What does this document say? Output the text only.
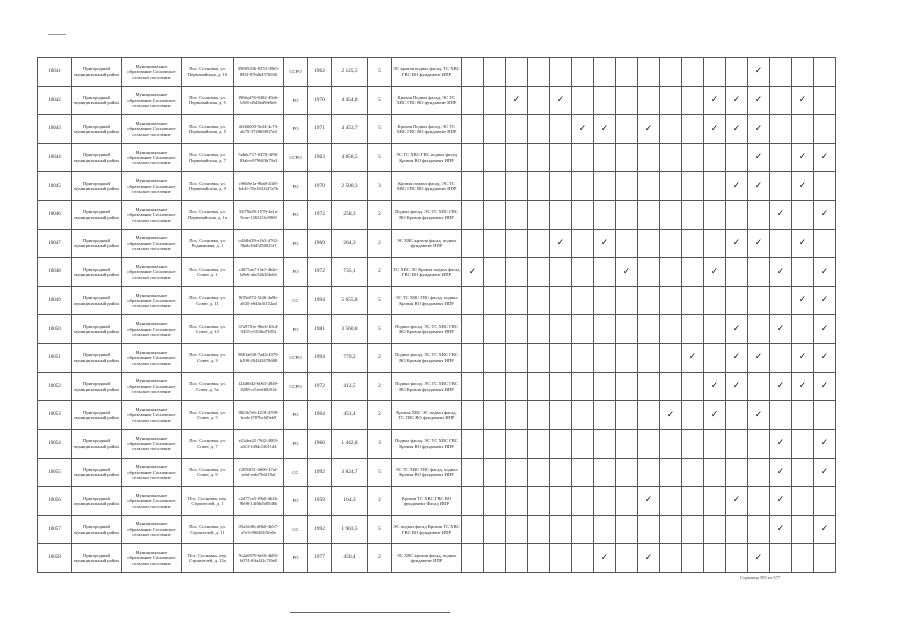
10041	Пригородный муниципальный район	Муниципальное образование Сосновское сельское поселение	Пос. Сосновка, ул. Первомайская, д. 10	39695436-8353-4965-89f3-876d64576836	ССРО	1962	2 125,5	5	ЭС кровля подвал фасад, ТС ХВС ГВС ВО фундамент ИПР														✓			
10042	Пригородный муниципальный район	Муниципальное образование Сосновское сельское поселение	Пос. Сосновка, ул. Первомайская, д. 5	f96ba476-8402-49a6-b5f6-d5d3bd9fe6e6	РО	1970	4 454,8	5	Кровля Подвал фасад, ЭС ТС ХВС ГВС ВО фундамент ИПР			✓		✓							✓	✓	✓		✓	
10043	Пригородный муниципальный район	Муниципальное образование Сосновское сельское поселение	Пос. Сосновка, ул. Первомайская, д. 5	4f2b6003-5e24-4c73-ab79-3738b9f9f7d4	РО	1971	4 453,7	5	Кровля Подвал фасад, ЭС ТС ХВС ГВС ВО фундамент ИПР						✓	✓		✓			✓	✓	✓			
10044	Пригородный муниципальный район	Муниципальное образование Сосновское сельское поселение	Пос. Сосновка, ул. Первомайская, д. 7	5ab6c717-0478-4f96-83ab-e979683b79a3	ССРО	1963	4 858,5	5	ЭС ТС ХВС ГВС подвал фасад Кровля ВО фундамент ИПР														✓		✓	✓
10045	Пригородный муниципальный район	Муниципальное образование Сосновское сельское поселение	Пос. Сосновка, ул. Первомайская, д. 9	c96b9e1a-96a8-43f8-b4d1-55e1b52f47a7b	РО	1970	2 500,3	3	Кровля подвал фасад, ЭС ТС ХВС ГВС ВО фундамент ИПР													✓	✓		✓	
10046	Пригородный муниципальный район	Муниципальное образование Сосновское сельское поселение	Пос. Сосновка, ул. Первомайская, д. 1а	33f79a49-1578-4a1a-9cae-1365f13c9969	РО	1972	258,3	2	Подвал фасад, ЭС ТС ХВС ГВС ВО Кровля фундамент ИПР															✓		✓
10047	Пригородный муниципальный район	Муниципальное образование Сосновское сельское поселение	Пос. Сосновка, ул. Родниковая, д. 1	cd2dbf39-a1b3-4762-9bdb-bfd5f58025f1	РО	1969	264,3	2	ЭС ХВС кровля фасад, подвал фундамент ИПР					✓		✓						✓	✓		✓	
10048	Пригородный муниципальный район	Муниципальное образование Сосновское сельское поселение	Пос. Сосновка, ул. Совет, д. 1	c4871ae7-f3e1-4b4e-b8e6-abc54b3f4e64	РО	1972	735,1	2	ТС ХВС ЭС Кровля подвал фасад ГВС ВО фундамент ИПР	✓							✓				✓			✓		✓
10049	Пригородный муниципальный район	Муниципальное образование Сосновское сельское поселение	Пос. Сосновка, ул. Совет, д. 11	8f95e872-5f46-4a9b-a845-e844e3f152ad	СС	1994	5 655,8	5	ЭС ТС ХВС ГВС фасад, подвал Кровля ВО фундамент ИПР																✓	✓
10050	Пригородный муниципальный район	Муниципальное образование Сосновское сельское поселение	Пос. Сосновка, ул. Совет, д. 13	37a9701e-9be4-40c4-9455-e5f5fbd7f852	РО	1981	3 560,8	5	Подвал фасад, ЭС ТС ХВС ГВС ВО Кровля фундамент ИПР													✓		✓		✓
10051	Пригородный муниципальный район	Муниципальное образование Сосновское сельское поселение	Пос. Сосновка, ул. Совет, д. 3	9681a630-7ad4-4070-b298-2044f2678688	ССРО	1994	779,2	2	Подвал фасад, ЭС ТС ХВС ГВС ВО Кровля фундамент ИПР											✓		✓	✓		✓	✓
10052	Пригородный муниципальный район	Муниципальное образование Сосновское сельское поселение	Пос. Сосновка, ул. Совет, д. 5а	f24d0fd2-6063-4849-8288-cf1eedf6b91d	ССРО	1972	412,5	2	Подвал фасад, ЭС ТС ХВС ГВС ВО Кровля фундамент ИПР												✓	✓		✓	✓	✓
10053	Пригородный муниципальный район	Муниципальное образование Сосновское сельское поселение	Пос. Сосновка, ул. Совет, д. 5	f0b5b7e6-4218-4709-bceb-f787bc6f0eb9	РО	1964	451,4	2	Кровля ХВС ЭС подвал фасад, ТС ГВС ВО фундамент ИПР										✓		✓		✓			
10054	Пригородный муниципальный район	Муниципальное образование Сосновское сельское поселение	Пос. Сосновка, ул. Совет, д. 7	e21dea22-76f2-4083-a413-f49dc5f011d4	РО	1966	1 442,8	3	Подвал фасад, ЭС ТС ХВС ГВС Кровля ВО фундамент ИПР															✓		✓
10055	Пригородный муниципальный район	Муниципальное образование Сосновское сельское поселение	Пос. Сосновка, ул. Совет, д. 9	f2950f51-4606-47af-aebf-eabf7b6f19af	СС	1992	3 824,7	5	ЭС ТС ХВС ГВС фасад, подвал Кровля ВО фундамент ИПР															✓		✓
10056	Пригородный муниципальный район	Муниципальное образование Сосновское сельское поселение	Пос. Сосновка, пер. Строителей, д. 1	c2d77ce5-f9b0-4b2b-9b98-14f0b5b85d8b	РО	1959	164,3	2	Кровля ТС ХВС ГВС ВО фундамент Фасад ИПР									✓				✓		✓		
10057	Пригородный муниципальный район	Муниципальное образование Сосновское сельское поселение	Пос. Сосновка, ул. Строителей, д. 11	05a3fc8b-d0b0-4b57-a7e3-f96803f5fe0e	СС	1992	1 903,5	5	ЭС подвал фасад Кровля ТС ХВС ГВС ВО фундамент ИПР															✓		✓
10058	Пригородный муниципальный район	Муниципальное образование Сосновское сельское поселение	Пос. Сосновка, пер. Строителей, д. 13а	9c2a6970-6e0f-4b85-b074-f6fa4f2c7f9a8	РО	1977	450,4	2	ЭС ХВС кровля фасад, подвал фундамент ИПР							✓		✓					✓			
Страница 583 из 577
